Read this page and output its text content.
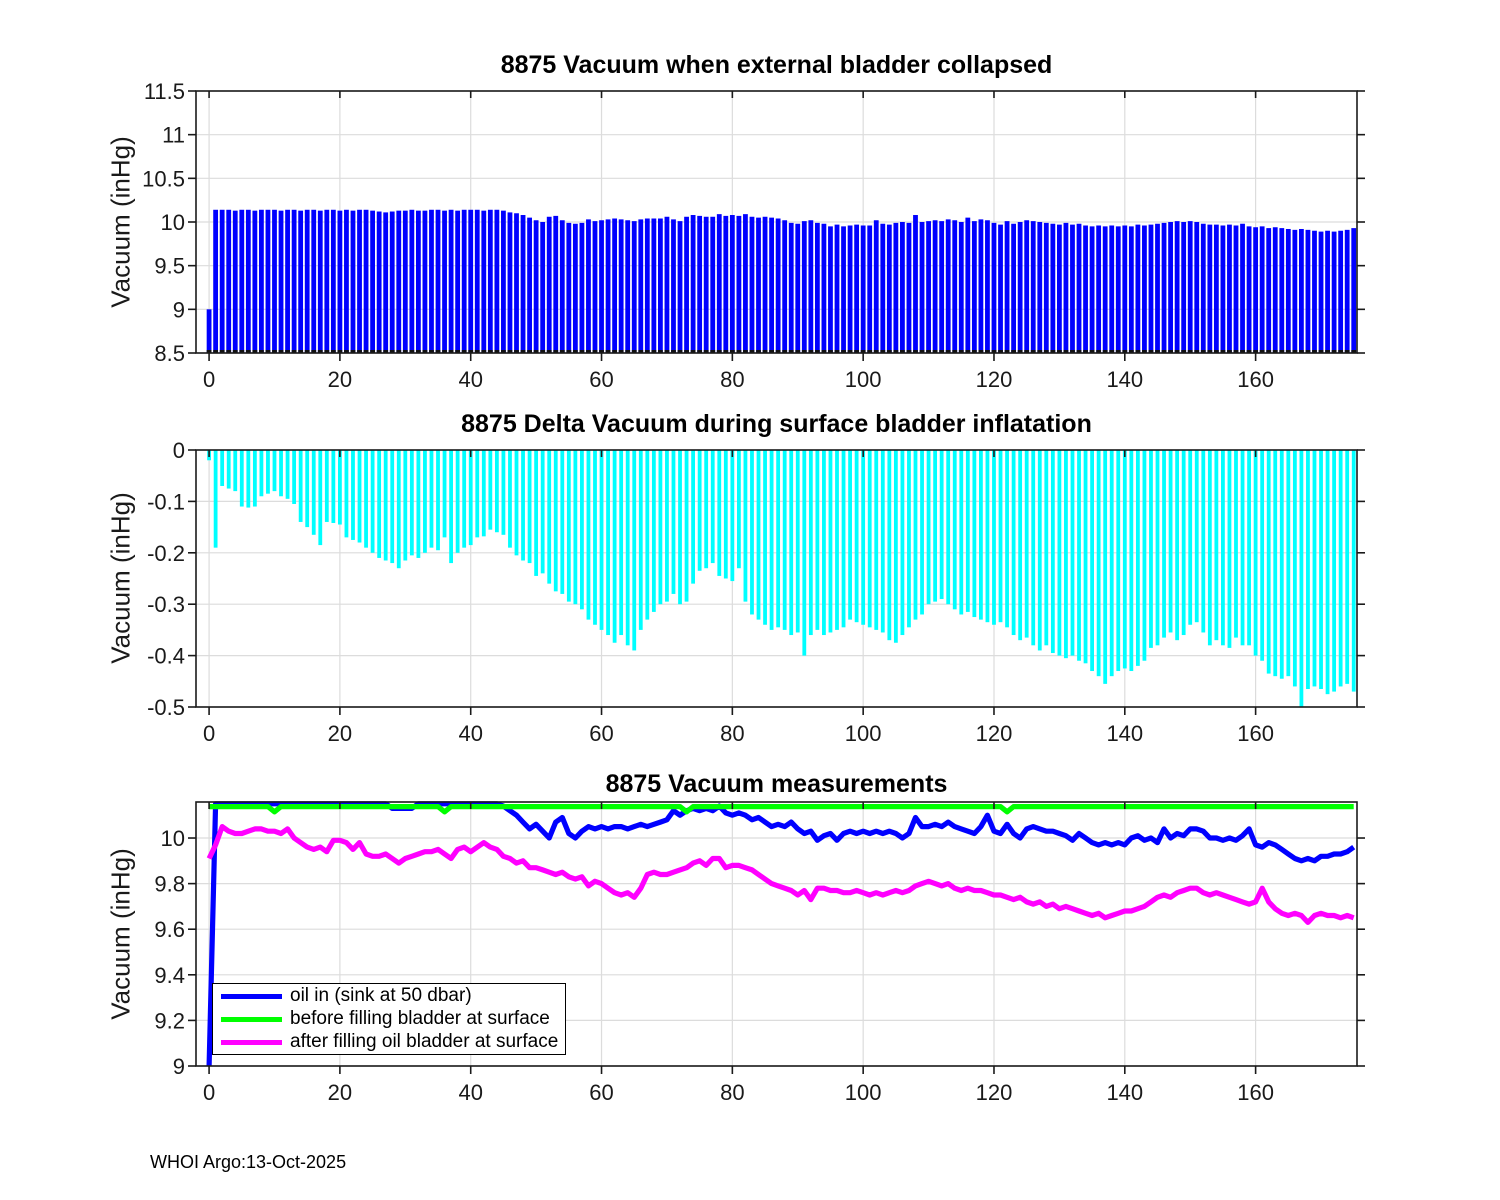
0	20	40	60	80	100	120	140	160
8.5
9
9.5
10
10.5
11
11.5
0	20	40	60	80	100	120	140	160
0
-0.1
-0.2
-0.3
-0.4
-0.5
0	20	40	60	80	100	120	140	160
9
9.2
9.4
9.6
9.8
10
8875 Vacuum when external bladder collapsed
8875 Delta Vacuum during surface bladder inflatation
8875 Vacuum measurements
Vacuum (inHg)
Vacuum (inHg)
Vacuum (inHg)	oil in (sink at 50 dbar)
before filling bladder at surface
after filling oil bladder at surface
WHOI Argo:13-Oct-2025
